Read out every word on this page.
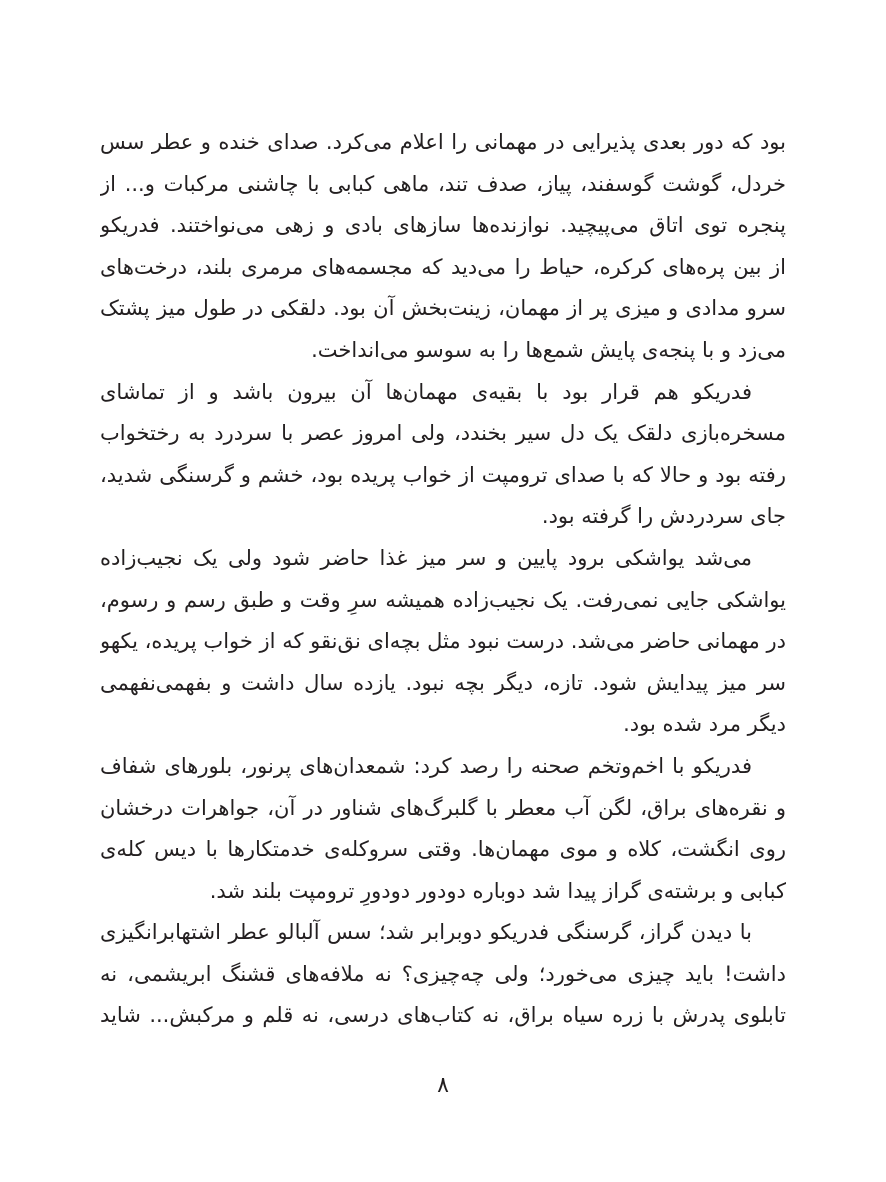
بود که دور بعدی پذیرایی در مهمانی را اعلام می‌کرد. صدای خنده و عطر سس
خردل، گوشت گوسفند، پیاز، صدف تند، ماهی کبابی با چاشنی مرکبات و... از
پنجره توی اتاق می‌پیچید. نوازنده‌ها سازهای بادی و زهی می‌نواختند. فدریکو
از بین پره‌های کرکره، حیاط را می‌دید که مجسمه‌های مرمری بلند، درخت‌های
سرو مدادی و میزی پر از مهمان، زینت‌بخش آن بود. دلقکی در طول میز پشتک
می‌زد و با پنجه‌ی پایش شمع‌ها را به سوسو می‌انداخت.
فدریکو هم قرار بود با بقیه‌ی مهمان‌ها آن بیرون باشد و از تماشای
مسخره‌بازی دلقک یک دل سیر بخندد، ولی امروز عصر با سردرد به رختخواب
رفته بود و حالا که با صدای ترومپت از خواب پریده بود، خشم و گرسنگی شدید،
جای سردردش را گرفته بود.
می‌شد یواشکی برود پایین و سر میز غذا حاضر شود ولی یک نجیب‌زاده
یواشکی جایی نمی‌رفت. یک نجیب‌زاده همیشه سرِ وقت و طبق رسم و رسوم،
در مهمانی حاضر می‌شد. درست نبود مثل بچه‌ای نق‌نقو که از خواب پریده، یکهو
سر میز پیدایش شود. تازه، دیگر بچه نبود. یازده سال داشت و بفهمی‌نفهمی
دیگر مرد شده بود.
فدریکو با اخم‌وتخم صحنه را رصد کرد: شمعدان‌های پرنور، بلورهای شفاف
و نقره‌های براق، لگن آب معطر با گلبرگ‌های شناور در آن، جواهرات درخشان
روی انگشت، کلاه و موی مهمان‌ها. وقتی سروکله‌ی خدمتکارها با دیس کله‌ی
کبابی و برشته‌ی گراز پیدا شد دوباره دودور دودورِ ترومپت بلند شد.
با دیدن گراز، گرسنگی فدریکو دوبرابر شد؛ سس آلبالو عطر اشتهابرانگیزی
داشت! باید چیزی می‌خورد؛ ولی چه‌چیزی؟ نه ملافه‌های قشنگ ابریشمی، نه
تابلوی پدرش با زره سیاه براق، نه کتاب‌های درسی، نه قلم و مرکبش... شاید
۸
